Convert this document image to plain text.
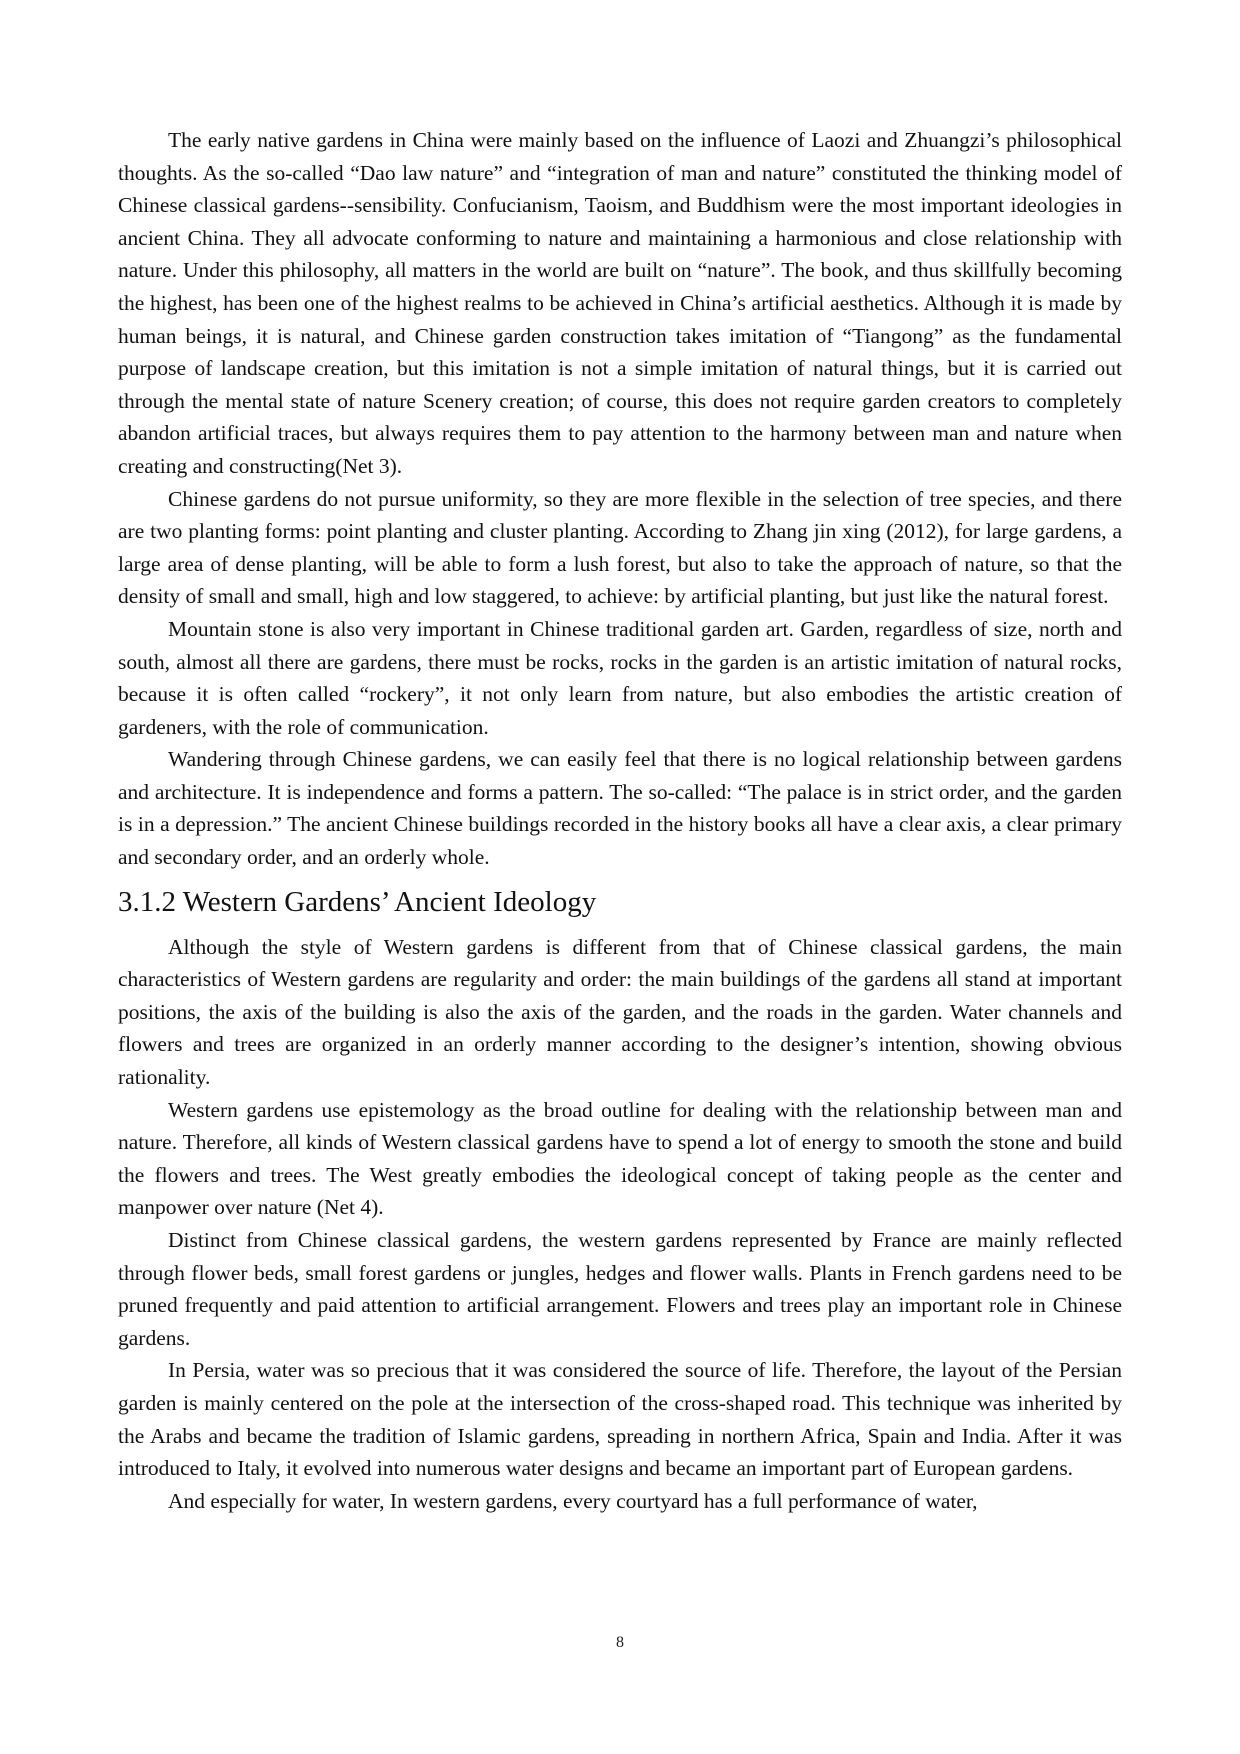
The early native gardens in China were mainly based on the influence of Laozi and Zhuangzi’s philosophical thoughts. As the so-called “Dao law nature” and “integration of man and nature” constituted the thinking model of Chinese classical gardens--sensibility. Confucianism, Taoism, and Buddhism were the most important ideologies in ancient China. They all advocate conforming to nature and maintaining a harmonious and close relationship with nature. Under this philosophy, all matters in the world are built on “nature”. The book, and thus skillfully becoming the highest, has been one of the highest realms to be achieved in China’s artificial aesthetics. Although it is made by human beings, it is natural, and Chinese garden construction takes imitation of “Tiangong” as the fundamental purpose of landscape creation, but this imitation is not a simple imitation of natural things, but it is carried out through the mental state of nature Scenery creation; of course, this does not require garden creators to completely abandon artificial traces, but always requires them to pay attention to the harmony between man and nature when creating and constructing(Net 3).

Chinese gardens do not pursue uniformity, so they are more flexible in the selection of tree species, and there are two planting forms: point planting and cluster planting. According to Zhang jin xing (2012), for large gardens, a large area of dense planting, will be able to form a lush forest, but also to take the approach of nature, so that the density of small and small, high and low staggered, to achieve: by artificial planting, but just like the natural forest.

Mountain stone is also very important in Chinese traditional garden art. Garden, regardless of size, north and south, almost all there are gardens, there must be rocks, rocks in the garden is an artistic imitation of natural rocks, because it is often called “rockery”, it not only learn from nature, but also embodies the artistic creation of gardeners, with the role of communication.

Wandering through Chinese gardens, we can easily feel that there is no logical relationship between gardens and architecture. It is independence and forms a pattern. The so-called: “The palace is in strict order, and the garden is in a depression.” The ancient Chinese buildings recorded in the history books all have a clear axis, a clear primary and secondary order, and an orderly whole.

3.1.2 Western Gardens’ Ancient Ideology

Although the style of Western gardens is different from that of Chinese classical gardens, the main characteristics of Western gardens are regularity and order: the main buildings of the gardens all stand at important positions, the axis of the building is also the axis of the garden, and the roads in the garden. Water channels and flowers and trees are organized in an orderly manner according to the designer’s intention, showing obvious rationality.

Western gardens use epistemology as the broad outline for dealing with the relationship between man and nature. Therefore, all kinds of Western classical gardens have to spend a lot of energy to smooth the stone and build the flowers and trees. The West greatly embodies the ideological concept of taking people as the center and manpower over nature (Net 4).

Distinct from Chinese classical gardens, the western gardens represented by France are mainly reflected through flower beds, small forest gardens or jungles, hedges and flower walls. Plants in French gardens need to be pruned frequently and paid attention to artificial arrangement. Flowers and trees play an important role in Chinese gardens.

In Persia, water was so precious that it was considered the source of life. Therefore, the layout of the Persian garden is mainly centered on the pole at the intersection of the cross-shaped road. This technique was inherited by the Arabs and became the tradition of Islamic gardens, spreading in northern Africa, Spain and India. After it was introduced to Italy, it evolved into numerous water designs and became an important part of European gardens.

And especially for water, In western gardens, every courtyard has a full performance of water,

8
